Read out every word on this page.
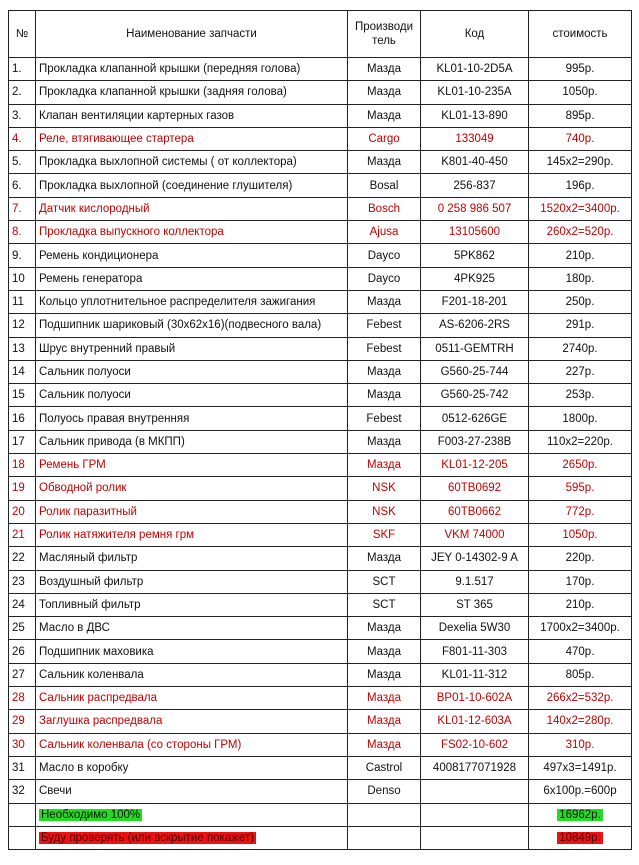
№	Наименование запчасти	Производи тель	Код	стоимость
1.	Прокладка клапанной крышки (передняя голова)	Мазда	KL01-10-2D5A	995р.
2.	Прокладка клапанной крышки (задняя голова)	Мазда	KL01-10-235A	1050р.
3.	Клапан вентиляции картерных газов	Мазда	KL01-13-890	895р.
4.	Реле, втягивающее стартера	Cargo	133049	740р.
5.	Прокладка выхлопной системы ( от коллектора)	Мазда	K801-40-450	145х2=290р.
6.	Прокладка выхлопной (соединение глушителя)	Bosal	256-837	196р.
7.	Датчик кислородный	Bosch	0 258 986 507	1520х2=3400р.
8.	Прокладка выпускного коллектора	Ajusa	13105600	260х2=520р.
9.	Ремень кондиционера	Dayco	5PK862	210р.
10	Ремень генератора	Dayco	4PK925	180р.
11	Кольцо уплотнительное распределителя зажигания	Мазда	F201-18-201	250р.
12	Подшипник шариковый (30х62х16)(подвесного вала)	Febest	AS-6206-2RS	291р.
13	Шрус внутренний правый	Febest	0511-GEMTRH	2740р.
14	Сальник полуоси	Мазда	G560-25-744	227р.
15	Сальник полуоси	Мазда	G560-25-742	253р.
16	Полуось правая внутренняя	Febest	0512-626GE	1800р.
17	Сальник привода (в МКПП)	Мазда	F003-27-238B	110х2=220р.
18	Ремень ГРМ	Мазда	KL01-12-205	2650р.
19	Обводной ролик	NSK	60TB0692	595р.
20	Ролик паразитный	NSK	60TB0662	772р.
21	Ролик натяжителя ремня грм	SKF	VKM 74000	1050р.
22	Масляный фильтр	Мазда	JEY 0-14302-9 A	220р.
23	Воздушный фильтр	SCT	9.1.517	170р.
24	Топливный фильтр	SCT	ST 365	210р.
25	Масло в ДВС	Мазда	Dexelia 5W30	1700х2=3400р.
26	Подшипник маховика	Мазда	F801-11-303	470р.
27	Сальник коленвала	Мазда	KL01-11-312	805р.
28	Сальник распредвала	Мазда	BP01-10-602A	266х2=532р.
29	Заглушка распредвала	Мазда	KL01-12-603A	140х2=280р.
30	Сальник коленвала (со стороны ГРМ)	Мазда	FS02-10-602	310р.
31	Масло в коробку	Castrol	4008177071928	497х3=1491р.
32	Свечи	Denso		6х100р.=600р
	Необходимо 100%			16962р.
	Буду проверять (или вскрытие покажет)			10849р.
